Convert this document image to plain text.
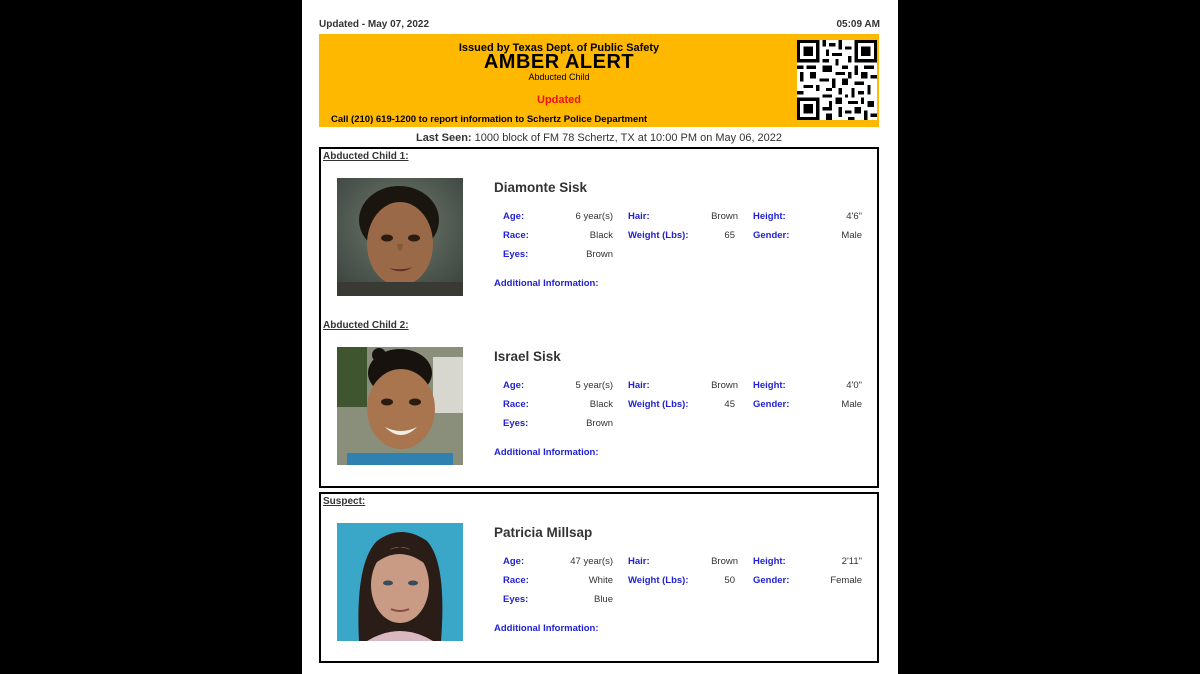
Updated - May 07, 2022	05:09 AM
Issued by Texas Dept. of Public Safety
AMBER ALERT
Abducted Child
Updated
Call (210) 619-1200 to report information to Schertz Police Department
Last Seen: 1000 block of FM 78 Schertz, TX at 10:00 PM on May 06, 2022
Abducted Child 1:
Diamonte Sisk
Age:	6 year(s) Hair:	Brown Height:	4'6"
Race:	Black Weight (Lbs):	65 Gender:	Male
Eyes:	Brown
Additional Information:
Abducted Child 2:
Israel Sisk
Age:	5 year(s) Hair:	Brown Height:	4'0"
Race:	Black Weight (Lbs):	45 Gender:	Male
Eyes:	Brown
Additional Information:
Suspect:
Patricia Millsap
Age:	47 year(s) Hair:	Brown Height:	2'11"
Race:	White Weight (Lbs):	50 Gender:	Female
Eyes:	Blue
Additional Information:
